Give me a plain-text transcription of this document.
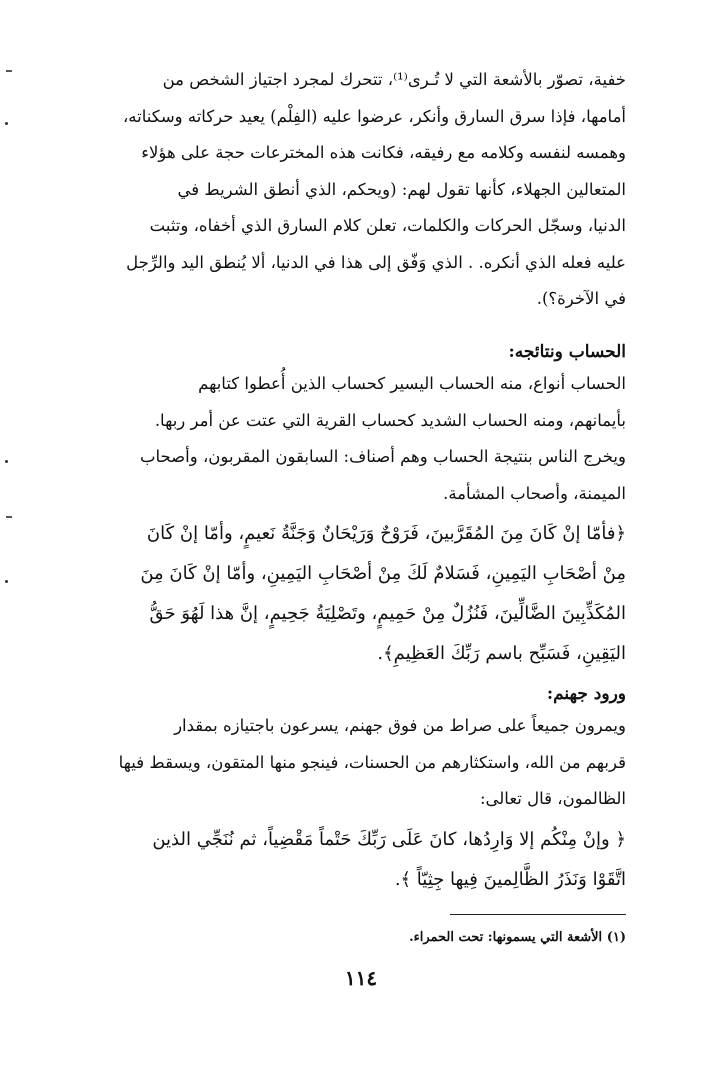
خفية، تصوّر بالأشعة التي لا تُـرى⁽¹⁾، تتحرك لمجرد اجتياز الشخص من
أمامها، فإذا سرق السارق وأنكر، عرضوا عليه (الفِلْم) يعيد حركاته وسكناته،
وهمسه لنفسه وكلامه مع رفيقه، فكانت هذه المخترعات حجة على هؤلاء
المتعالين الجهلاء، كأنها تقول لهم: (ويحكم، الذي أنطق الشريط في
الدنيا، وسجّل الحركات والكلمات، تعلن كلام السارق الذي أخفاه، وتثبت
عليه فعله الذي أنكره. . الذي وَفّق إلى هذا في الدنيا، ألا يُنطق اليد والرِّجل
في الآخرة؟).
الحساب ونتائجه:
الحساب أنواع، منه الحساب اليسير كحساب الذين أُعطوا كتابهم
بأيمانهم، ومنه الحساب الشديد كحساب القرية التي عتت عن أمر ربها.
ويخرج الناس بنتيجة الحساب وهم أصناف: السابقون المقربون، وأصحاب
الميمنة، وأصحاب المشأمة.
﴿فأمّا إنْ كَانَ مِنَ المُقَرَّبينَ، فَرَوْحٌ وَرَيْحَانٌ وَجَنَّةُ نَعيمٍ، وأمّا إنْ كَانَ
مِنْ أصْحَابِ اليَمِينِ، فَسَلامٌ لَكَ مِنْ أصْحَابِ اليَمِينِ، وأمّا إنْ كَانَ مِنَ
المُكَذِّبِينَ الضَّالِّينَ، فَنُزُلٌ مِنْ حَمِيمٍ، وتَصْلِيَةُ جَحِيمٍ، إنَّ هذا لَهُوَ حَقُّ
اليَقِينِ، فَسَبِّح باسم رَبِّكَ العَظِيمِ﴾.
ورود جهنم:
ويمرون جميعاً على صراط من فوق جهنم، يسرعون باجتيازه بمقدار
قربهم من الله، واستكثارهم من الحسنات، فينجو منها المتقون، ويسقط فيها
الظالمون، قال تعالى:
﴿ وإنْ مِنْكُم إلا وَارِدُها، كانَ عَلَى رَبِّكَ حَتْماً مَقْضِياً، ثم نُنَجِّي الذين
اتَّقَوْا وَنَذَرُ الظَّالِمينَ فِيها جِثِيّاً ﴾.
(١) الأشعة التي يسمونها: تحت الحمراء.
١١٤
